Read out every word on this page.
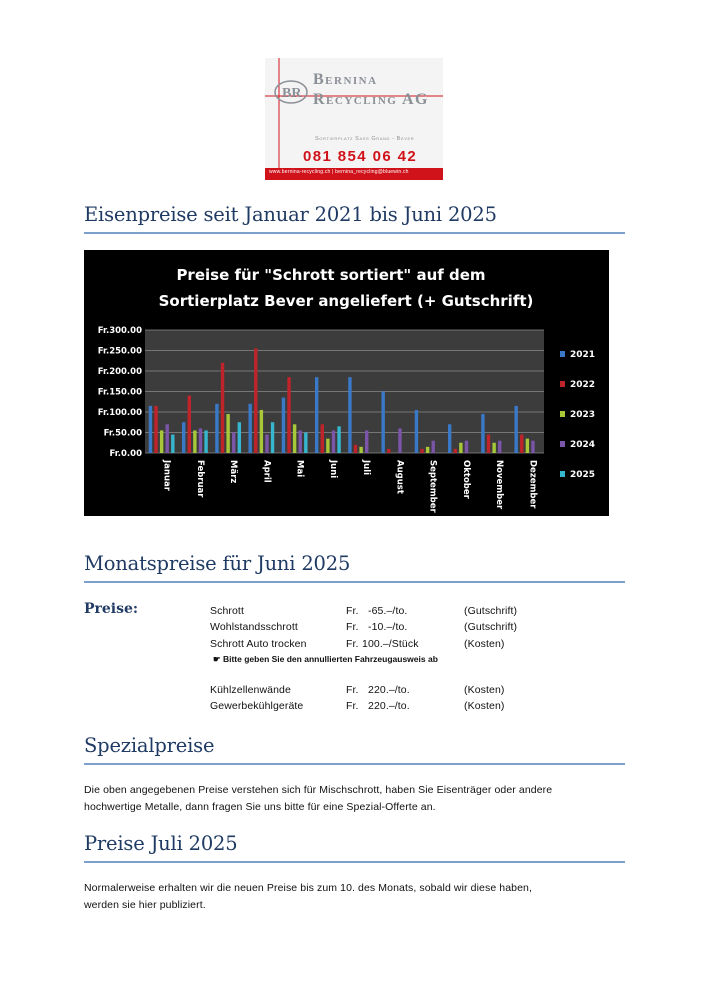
BR
Bernina
Recycling AG
Sortierplatz Sass Grand - Bever
081 854 06 42
www.bernina-recycling.ch | bernina_recycling@bluewin.ch
Eisenpreise seit Januar 2021 bis Juni 2025
Preise für "Schrott sortiert" auf dem
Sortierplatz Bever angeliefert (+ Gutschrift)
Fr.300.00
Fr.250.00
Fr.200.00
Fr.150.00
Fr.100.00
Fr.50.00
Fr.0.00
Januar	Februar	März	April	Mai	Juni	Juli	August	September	Oktober	November	Dezember
2021
2022
2023
2024
2025
Monatspreise für Juni 2025
Preise:	Schrott	Fr. -65.–/to.	(Gutschrift)
Wohlstandsschrott	Fr. -10.–/to.	(Gutschrift)
Schrott Auto trocken	Fr. 100.–/Stück	(Kosten)
☛ Bitte geben Sie den annullierten Fahrzeugausweis ab
Kühlzellenwände	Fr. 220.–/to.	(Kosten)
Gewerbekühlgeräte	Fr. 220.–/to.	(Kosten)
Spezialpreise
Die oben angegebenen Preise verstehen sich für Mischschrott, haben Sie Eisenträger oder andere
hochwertige Metalle, dann fragen Sie uns bitte für eine Spezial-Offerte an.
Preise Juli 2025
Normalerweise erhalten wir die neuen Preise bis zum 10. des Monats, sobald wir diese haben,
werden sie hier publiziert.
